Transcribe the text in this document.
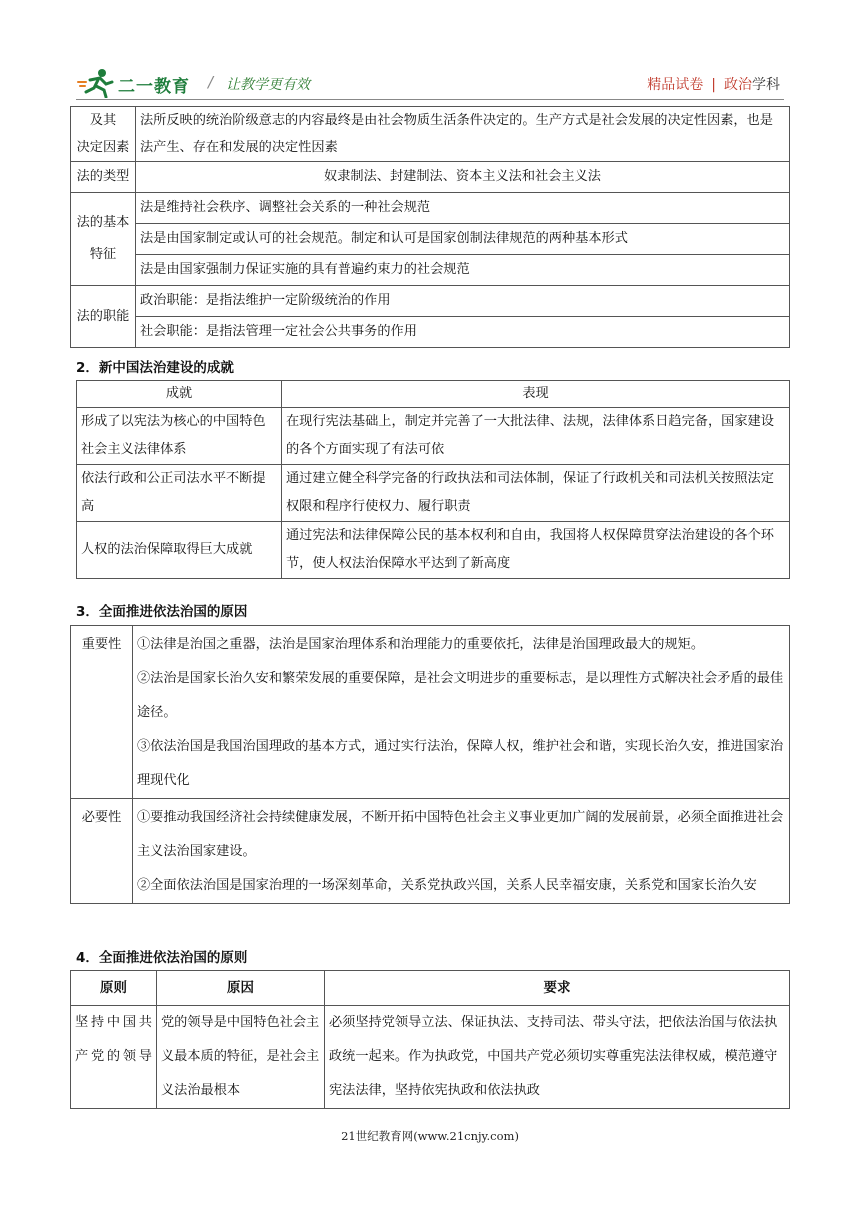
二一教育 / 让教学更有效	精品试卷 | 政治学科
及其
决定因素	法所反映的统治阶级意志的内容最终是由社会物质生活条件决定的。生产方式是社会发展的决定性因素，也是法产生、存在和发展的决定性因素
法的类型	奴隶制法、封建制法、资本主义法和社会主义法
法的基本
特征	法是维持社会秩序、调整社会关系的一种社会规范
	法是由国家制定或认可的社会规范。制定和认可是国家创制法律规范的两种基本形式
	法是由国家强制力保证实施的具有普遍约束力的社会规范
法的职能	政治职能：是指法维护一定阶级统治的作用
	社会职能：是指法管理一定社会公共事务的作用
2．新中国法治建设的成就
成就	表现
形成了以宪法为核心的中国特色社会主义法律体系	在现行宪法基础上，制定并完善了一大批法律、法规，法律体系日趋完备，国家建设的各个方面实现了有法可依
依法行政和公正司法水平不断提高	通过建立健全科学完备的行政执法和司法体制，保证了行政机关和司法机关按照法定权限和程序行使权力、履行职责
人权的法治保障取得巨大成就	通过宪法和法律保障公民的基本权利和自由，我国将人权保障贯穿法治建设的各个环节，使人权法治保障水平达到了新高度
3．全面推进依法治国的原因
重要性	①法律是治国之重器，法治是国家治理体系和治理能力的重要依托，法律是治国理政最大的规矩。
②法治是国家长治久安和繁荣发展的重要保障，是社会文明进步的重要标志，是以理性方式解决社会矛盾的最佳途径。
③依法治国是我国治国理政的基本方式，通过实行法治，保障人权，维护社会和谐，实现长治久安，推进国家治理现代化

必要性	①要推动我国经济社会持续健康发展，不断开拓中国特色社会主义事业更加广阔的发展前景，必须全面推进社会主义法治国家建设。
②全面依法治国是国家治理的一场深刻革命，关系党执政兴国，关系人民幸福安康，关系党和国家长治久安
4．全面推进依法治国的原则
原则	原因	要求
坚持中国共产党的领导	党的领导是中国特色社会主义最本质的特征，是社会主义法治最根本	必须坚持党领导立法、保证执法、支持司法、带头守法，把依法治国与依法执政统一起来。作为执政党，中国共产党必须切实尊重宪法法律权威，模范遵守宪法法律，坚持依宪执政和依法执政
21世纪教育网(www.21cnjy.com)
